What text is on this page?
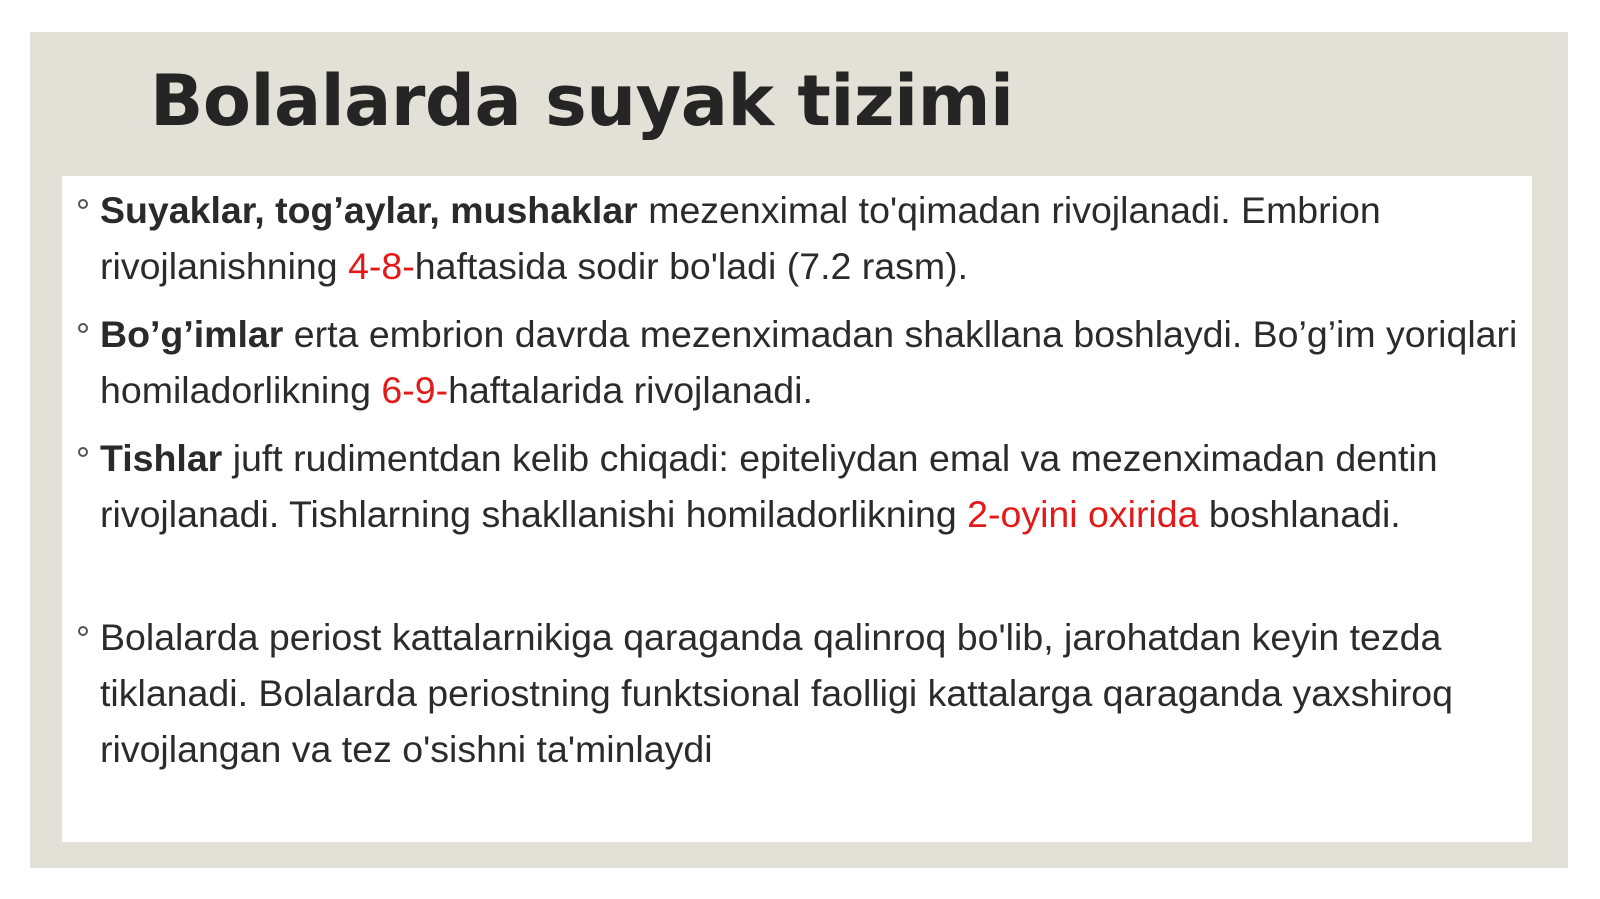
Bolalarda suyak tizimi
Suyaklar, tog’aylar, mushaklar mezenximal to'qimadan rivojlanadi. Embrion rivojlanishning 4-8-haftasida sodir bo'ladi (7.2 rasm).
Bo’g’imlar erta embrion davrda mezenximadan shakllana boshlaydi. Bo’g’im yoriqlari homiladorlikning 6-9-haftalarida rivojlanadi.
Tishlar juft rudimentdan kelib chiqadi: epiteliydan emal va mezenximadan dentin rivojlanadi. Tishlarning shakllanishi homiladorlikning 2-oyini oxirida boshlanadi.
Bolalarda periost kattalarnikiga qaraganda qalinroq bo'lib, jarohatdan keyin tezda tiklanadi. Bolalarda periostning funktsional faolligi kattalarga qaraganda yaxshiroq rivojlangan va tez o'sishni ta'minlaydi
